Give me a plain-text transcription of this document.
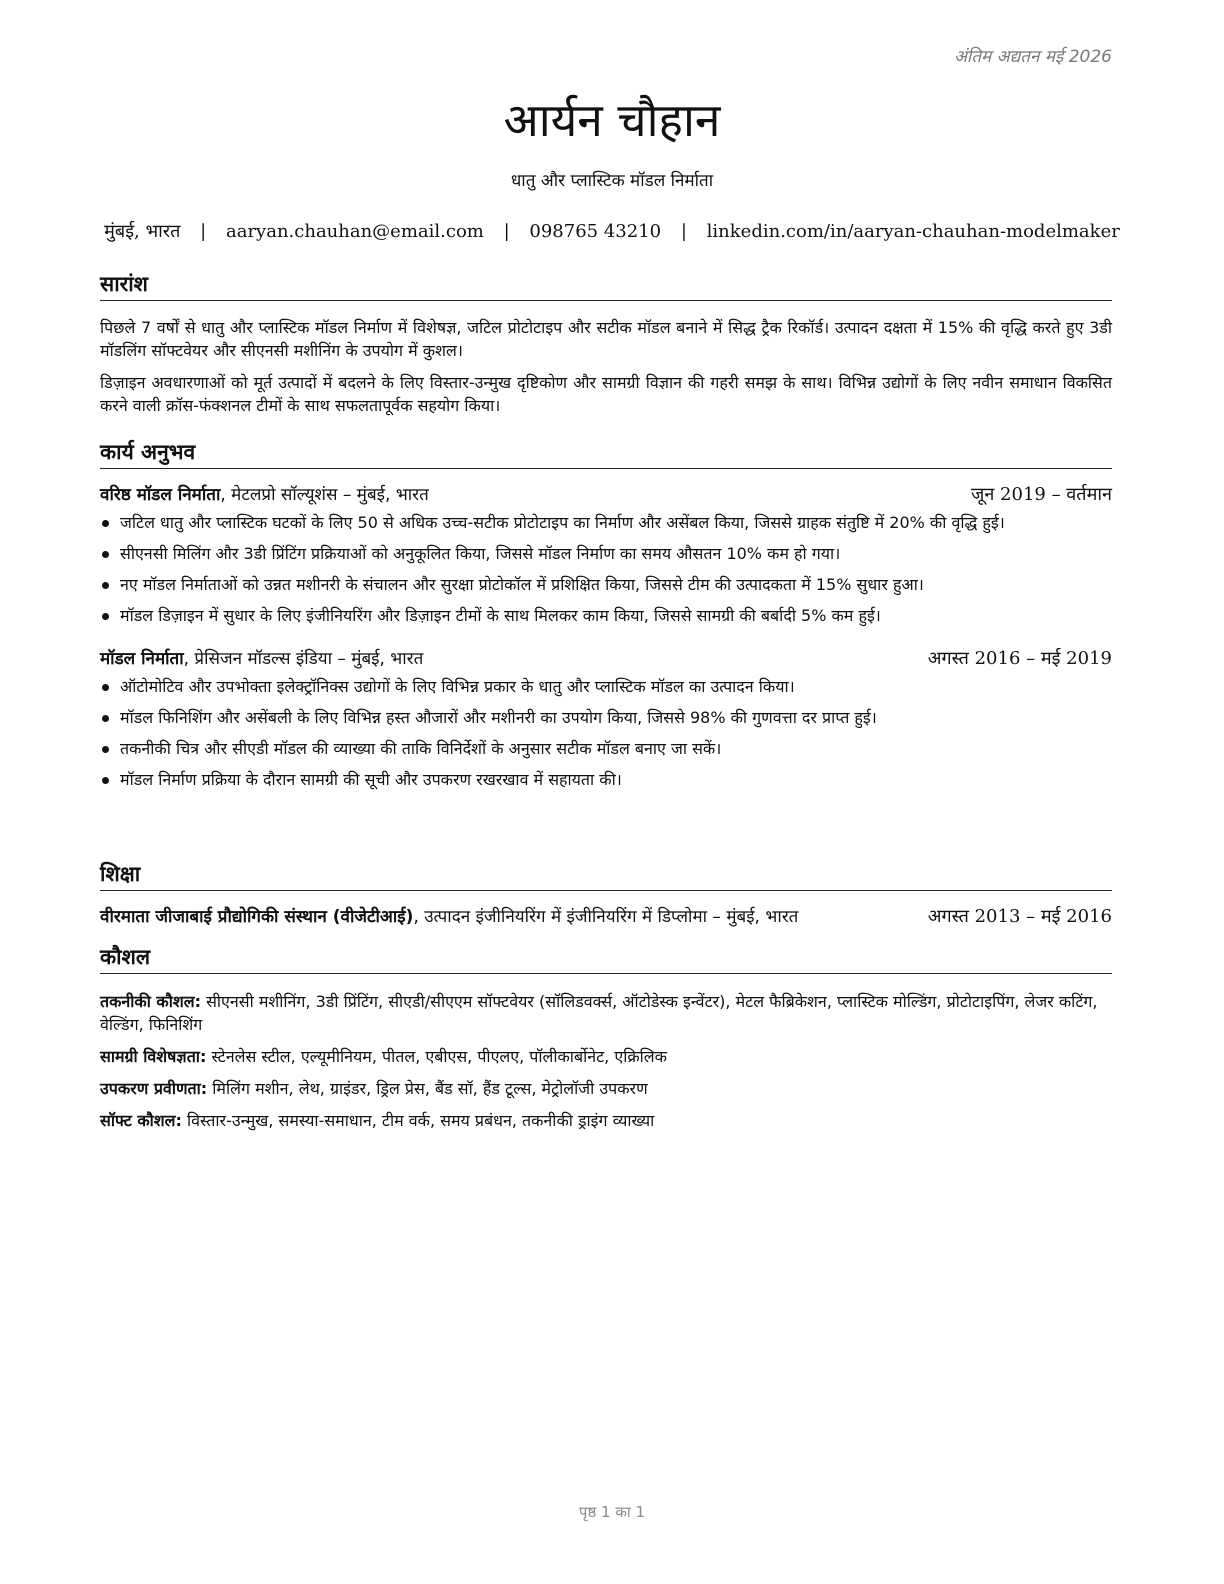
अंतिम अद्यतन मई 2026
आर्यन चौहान
धातु और प्लास्टिक मॉडल निर्माता
मुंबई, भारत | aaryan.chauhan@email.com | 098765 43210 | linkedin.com/in/aaryan-chauhan-modelmaker
सारांश

पिछले 7 वर्षों से धातु और प्लास्टिक मॉडल निर्माण में विशेषज्ञ, जटिल प्रोटोटाइप और सटीक मॉडल बनाने में सिद्ध ट्रैक रिकॉर्ड। उत्पादन दक्षता में 15% की वृद्धि करते हुए 3डी मॉडलिंग सॉफ्टवेयर और सीएनसी मशीनिंग के उपयोग में कुशल।

डिज़ाइन अवधारणाओं को मूर्त उत्पादों में बदलने के लिए विस्तार-उन्मुख दृष्टिकोण और सामग्री विज्ञान की गहरी समझ के साथ। विभिन्न उद्योगों के लिए नवीन समाधान विकसित करने वाली क्रॉस-फंक्शनल टीमों के साथ सफलतापूर्वक सहयोग किया।

कार्य अनुभव
वरिष्ठ मॉडल निर्माता, मेटलप्रो सॉल्यूशंस – मुंबई, भारत	जून 2019 – वर्तमान
जटिल धातु और प्लास्टिक घटकों के लिए 50 से अधिक उच्च-सटीक प्रोटोटाइप का निर्माण और असेंबल किया, जिससे ग्राहक संतुष्टि में 20% की वृद्धि हुई।
सीएनसी मिलिंग और 3डी प्रिंटिंग प्रक्रियाओं को अनुकूलित किया, जिससे मॉडल निर्माण का समय औसतन 10% कम हो गया।
नए मॉडल निर्माताओं को उन्नत मशीनरी के संचालन और सुरक्षा प्रोटोकॉल में प्रशिक्षित किया, जिससे टीम की उत्पादकता में 15% सुधार हुआ।
मॉडल डिज़ाइन में सुधार के लिए इंजीनियरिंग और डिज़ाइन टीमों के साथ मिलकर काम किया, जिससे सामग्री की बर्बादी 5% कम हुई।
मॉडल निर्माता, प्रेसिजन मॉडल्स इंडिया – मुंबई, भारत	अगस्त 2016 – मई 2019
ऑटोमोटिव और उपभोक्ता इलेक्ट्रॉनिक्स उद्योगों के लिए विभिन्न प्रकार के धातु और प्लास्टिक मॉडल का उत्पादन किया।
मॉडल फिनिशिंग और असेंबली के लिए विभिन्न हस्त औजारों और मशीनरी का उपयोग किया, जिससे 98% की गुणवत्ता दर प्राप्त हुई।
तकनीकी चित्र और सीएडी मॉडल की व्याख्या की ताकि विनिर्देशों के अनुसार सटीक मॉडल बनाए जा सकें।
मॉडल निर्माण प्रक्रिया के दौरान सामग्री की सूची और उपकरण रखरखाव में सहायता की।
शिक्षा
वीरमाता जीजाबाई प्रौद्योगिकी संस्थान (वीजेटीआई), उत्पादन इंजीनियरिंग में इंजीनियरिंग में डिप्लोमा – मुंबई, भारत	अगस्त 2013 – मई 2016
कौशल
तकनीकी कौशल: सीएनसी मशीनिंग, 3डी प्रिंटिंग, सीएडी/सीएएम सॉफ्टवेयर (सॉलिडवर्क्स, ऑटोडेस्क इन्वेंटर), मेटल फैब्रिकेशन, प्लास्टिक मोल्डिंग, प्रोटोटाइपिंग, लेजर कटिंग, वेल्डिंग, फिनिशिंग
सामग्री विशेषज्ञता: स्टेनलेस स्टील, एल्यूमीनियम, पीतल, एबीएस, पीएलए, पॉलीकार्बोनेट, एक्रिलिक
उपकरण प्रवीणता: मिलिंग मशीन, लेथ, ग्राइंडर, ड्रिल प्रेस, बैंड सॉ, हैंड टूल्स, मेट्रोलॉजी उपकरण
सॉफ्ट कौशल: विस्तार-उन्मुख, समस्या-समाधान, टीम वर्क, समय प्रबंधन, तकनीकी ड्राइंग व्याख्या
पृष्ठ 1 का 1
